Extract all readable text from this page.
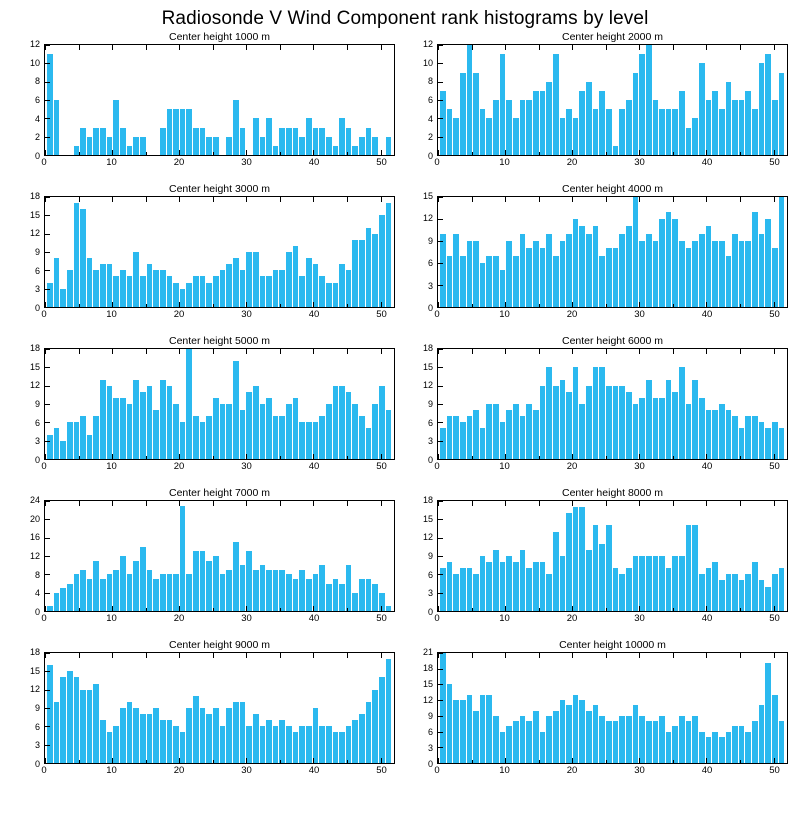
Radiosonde V Wind Component rank histograms by level
Center height 1000 m
0
2
4
6
8
10
12
0	10	20	30	40	50
Center height 2000 m
0
2
4
6
8
10
12
0	10	20	30	40	50
Center height 3000 m
0
3
6
9
12
15
18
0	10	20	30	40	50
Center height 4000 m
0
3
6
9
12
15
0	10	20	30	40	50
Center height 5000 m
0
3
6
9
12
15
18
0	10	20	30	40	50
Center height 6000 m
0
3
6
9
12
15
18
0	10	20	30	40	50
Center height 7000 m
0
4
8
12
16
20
24
0	10	20	30	40	50
Center height 8000 m
0
3
6
9
12
15
18
0	10	20	30	40	50
Center height 9000 m
0
3
6
9
12
15
18
0	10	20	30	40	50
Center height 10000 m
0
3
6
9
12
15
18
21
0	10	20	30	40	50
